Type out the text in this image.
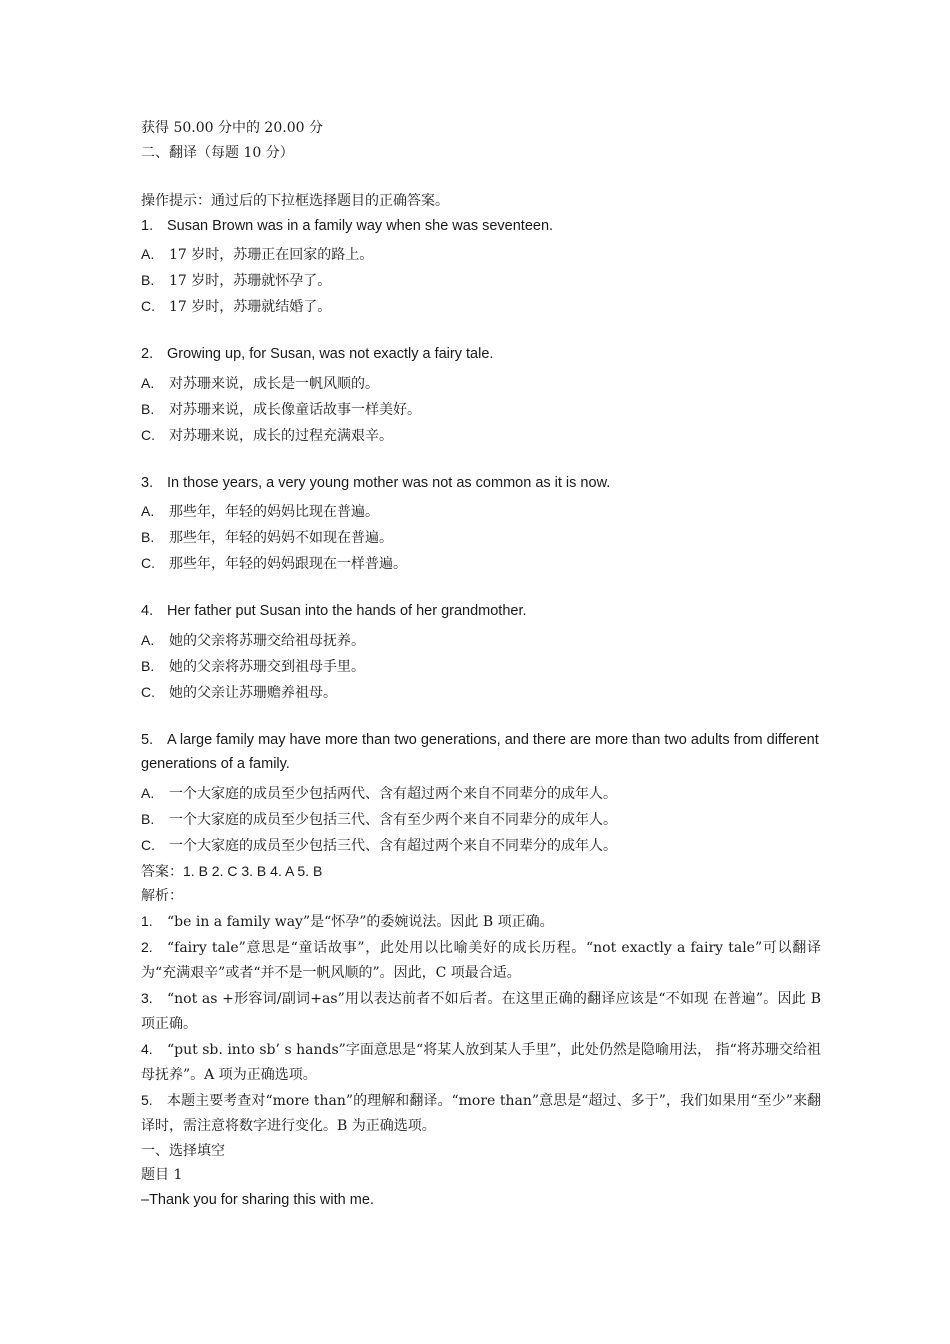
获得 50.00 分中的 20.00 分

二、翻译（每题 10 分）

操作提示：通过后的下拉框选择题目的正确答案。

1. Susan Brown was in a family way when she was seventeen.

A. 17 岁时，苏珊正在回家的路上。

B. 17 岁时，苏珊就怀孕了。

C. 17 岁时，苏珊就结婚了。

2. Growing up, for Susan, was not exactly a fairy tale.

A. 对苏珊来说，成长是一帆风顺的。

B. 对苏珊来说，成长像童话故事一样美好。

C. 对苏珊来说，成长的过程充满艰辛。

3. In those years, a very young mother was not as common as it is now.

A. 那些年，年轻的妈妈比现在普遍。

B. 那些年，年轻的妈妈不如现在普遍。

C. 那些年，年轻的妈妈跟现在一样普遍。

4. Her father put Susan into the hands of her grandmother.

A. 她的父亲将苏珊交给祖母抚养。

B. 她的父亲将苏珊交到祖母手里。

C. 她的父亲让苏珊赡养祖母。

5. A large family may have more than two generations, and there are more than two adults from different generations of a family.

A. 一个大家庭的成员至少包括两代、含有超过两个来自不同辈分的成年人。

B. 一个大家庭的成员至少包括三代、含有至少两个来自不同辈分的成年人。

C. 一个大家庭的成员至少包括三代、含有超过两个来自不同辈分的成年人。

答案：1. B 2. C 3. B 4. A 5. B

解析：

1. “be in a family way”是“怀孕”的委婉说法。因此 B 项正确。

2. “fairy tale”意思是“童话故事”，此处用以比喻美好的成长历程。“not exactly a fairy tale”可以翻译为“充满艰辛”或者“并不是一帆风顺的”。因此，C 项最合适。

3. “not as +形容词/副词+as”用以表达前者不如后者。在这里正确的翻译应该是“不如现 在普遍”。因此 B 项正确。

4. “put sb. into sb’ s hands”字面意思是“将某人放到某人手里”，此处仍然是隐喻用法， 指“将苏珊交给祖母抚养”。A 项为正确选项。

5. 本题主要考查对“more than”的理解和翻译。“more than”意思是“超过、多于”，我们如果用“至少”来翻译时，需注意将数字进行变化。B 为正确选项。

一、选择填空

题目 1

–Thank you for sharing this with me.
